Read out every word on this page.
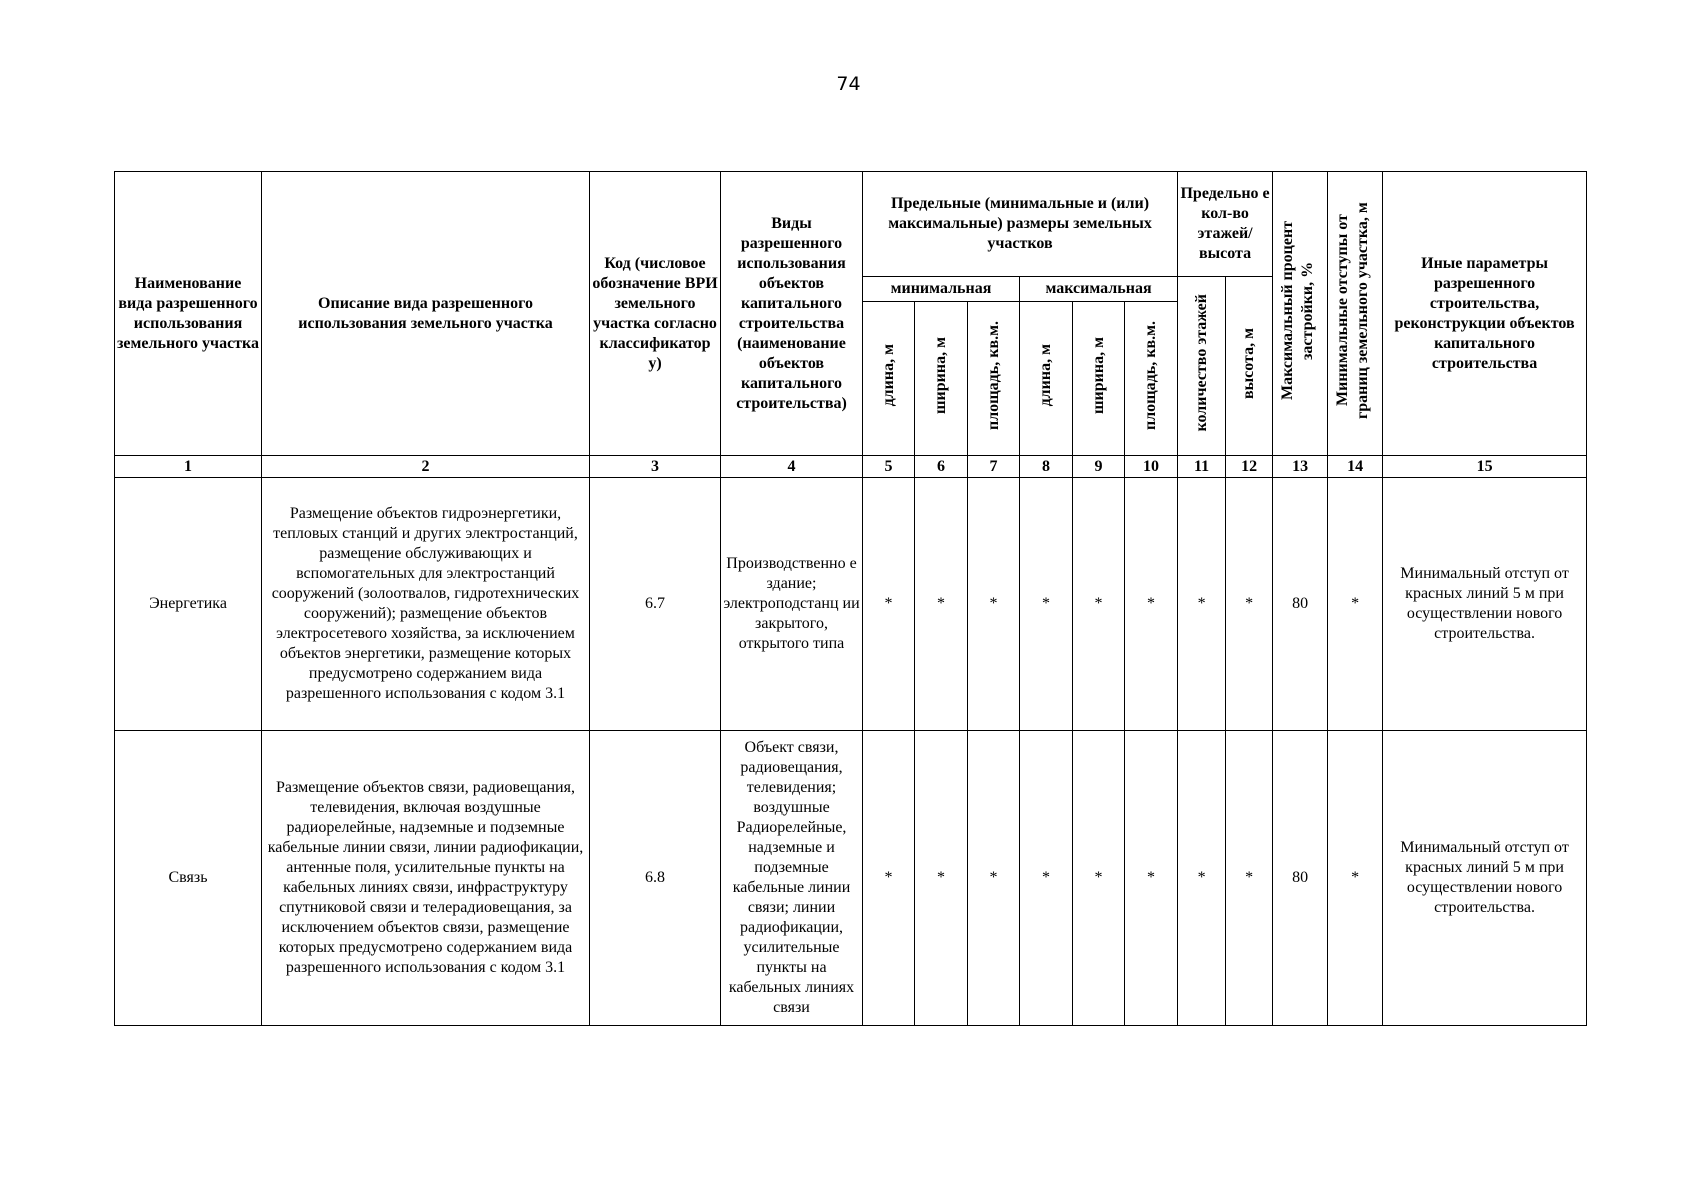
74
Наименование вида разрешенного использования земельного участка	Описание вида разрешенного использования земельного участка	Код (числовое обозначение ВРИ земельного участка согласно классификатор у)	Виды разрешенного использования объектов капитального строительства (наименование объектов капитального строительства)	Предельные (минимальные и (или) максимальные) размеры земельных участков						Предельно е кол-во этажей/ высота		Максимальный процент застройки, %	Минимальные отступы от границ земельного участка, м	Иные параметры разрешенного строительства, реконструкции объектов капитального строительства
				минимальная			максимальная			количество этажей	высота, м			
				длина, м	ширина, м	площадь, кв.м.	длина, м	ширина, м	площадь, кв.м.					
1	2	3	4	5	6	7	8	9	10	11	12	13	14	15
Энергетика	Размещение объектов гидроэнергетики, тепловых станций и других электростанций, размещение обслуживающих и вспомогательных для электростанций сооружений (золоотвалов, гидротехнических сооружений); размещение объектов электросетевого хозяйства, за исключением объектов энергетики, размещение которых предусмотрено содержанием вида разрешенного использования с кодом 3.1	6.7	Производственно е здание; электроподстанц ии закрытого, открытого типа	*	*	*	*	*	*	*	*	80	*	Минимальный отступ от красных линий 5 м при осуществлении нового строительства.
Связь	Размещение объектов связи, радиовещания, телевидения, включая воздушные радиорелейные, надземные и подземные кабельные линии связи, линии радиофикации, антенные поля, усилительные пункты на кабельных линиях связи, инфраструктуру спутниковой связи и телерадиовещания, за исключением объектов связи, размещение которых предусмотрено содержанием вида разрешенного использования с кодом 3.1	6.8	Объект связи, радиовещания, телевидения; воздушные Радиорелейные, надземные и подземные кабельные линии связи; линии радиофикации, усилительные пункты на кабельных линиях связи	*	*	*	*	*	*	*	*	80	*	Минимальный отступ от красных линий 5 м при осуществлении нового строительства.
